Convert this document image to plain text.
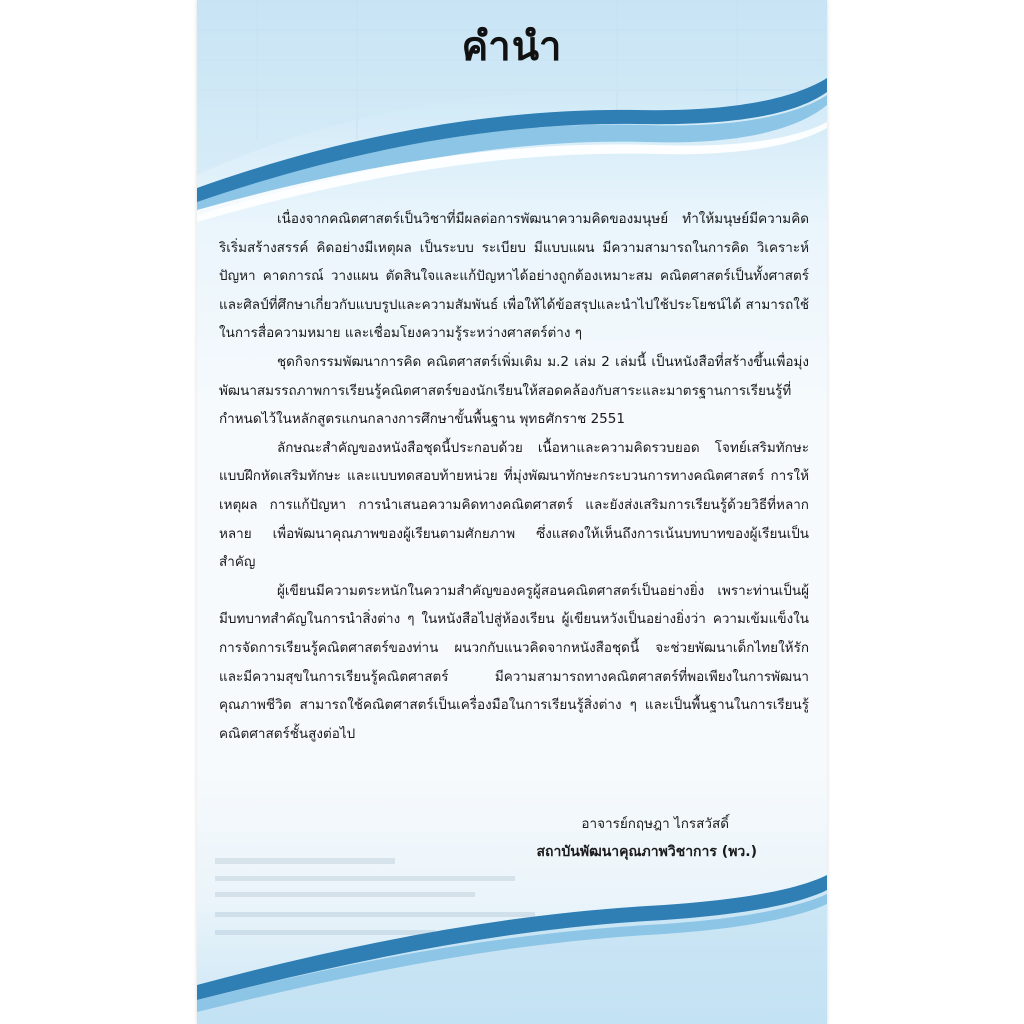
คำนำ

เนื่องจากคณิตศาสตร์เป็นวิชาที่มีผลต่อการพัฒนาความคิดของมนุษย์ ทำให้มนุษย์มีความคิดริเริ่มสร้างสรรค์ คิดอย่างมีเหตุผล เป็นระบบ ระเบียบ มีแบบแผน มีความสามารถในการคิด วิเคราะห์ปัญหา คาดการณ์ วางแผน ตัดสินใจและแก้ปัญหาได้อย่างถูกต้องเหมาะสม คณิตศาสตร์เป็นทั้งศาสตร์และศิลป์ที่ศึกษาเกี่ยวกับแบบรูปและความสัมพันธ์ เพื่อให้ได้ข้อสรุปและนำไปใช้ประโยชน์ได้ สามารถใช้ในการสื่อความหมาย และเชื่อมโยงความรู้ระหว่างศาสตร์ต่าง ๆ

ชุดกิจกรรมพัฒนาการคิด คณิตศาสตร์เพิ่มเติม ม.2 เล่ม 2 เล่มนี้ เป็นหนังสือที่สร้างขึ้นเพื่อมุ่งพัฒนาสมรรถภาพการเรียนรู้คณิตศาสตร์ของนักเรียนให้สอดคล้องกับสาระและมาตรฐานการเรียนรู้ที่กำหนดไว้ในหลักสูตรแกนกลางการศึกษาขั้นพื้นฐาน พุทธศักราช 2551

ลักษณะสำคัญของหนังสือชุดนี้ประกอบด้วย เนื้อหาและความคิดรวบยอด โจทย์เสริมทักษะ แบบฝึกหัดเสริมทักษะ และแบบทดสอบท้ายหน่วย ที่มุ่งพัฒนาทักษะกระบวนการทางคณิตศาสตร์ การให้เหตุผล การแก้ปัญหา การนำเสนอความคิดทางคณิตศาสตร์ และยังส่งเสริมการเรียนรู้ด้วยวิธีที่หลากหลาย เพื่อพัฒนาคุณภาพของผู้เรียนตามศักยภาพ ซึ่งแสดงให้เห็นถึงการเน้นบทบาทของผู้เรียนเป็นสำคัญ

ผู้เขียนมีความตระหนักในความสำคัญของครูผู้สอนคณิตศาสตร์เป็นอย่างยิ่ง เพราะท่านเป็นผู้มีบทบาทสำคัญในการนำสิ่งต่าง ๆ ในหนังสือไปสู่ห้องเรียน ผู้เขียนหวังเป็นอย่างยิ่งว่า ความเข้มแข็งในการจัดการเรียนรู้คณิตศาสตร์ของท่าน ผนวกกับแนวคิดจากหนังสือชุดนี้ จะช่วยพัฒนาเด็กไทยให้รักและมีความสุขในการเรียนรู้คณิตศาสตร์ มีความสามารถทางคณิตศาสตร์ที่พอเพียงในการพัฒนาคุณภาพชีวิต สามารถใช้คณิตศาสตร์เป็นเครื่องมือในการเรียนรู้สิ่งต่าง ๆ และเป็นพื้นฐานในการเรียนรู้คณิตศาสตร์ชั้นสูงต่อไป

อาจารย์กฤษฎา ไกรสวัสดิ์
สถาบันพัฒนาคุณภาพวิชาการ (พว.)
